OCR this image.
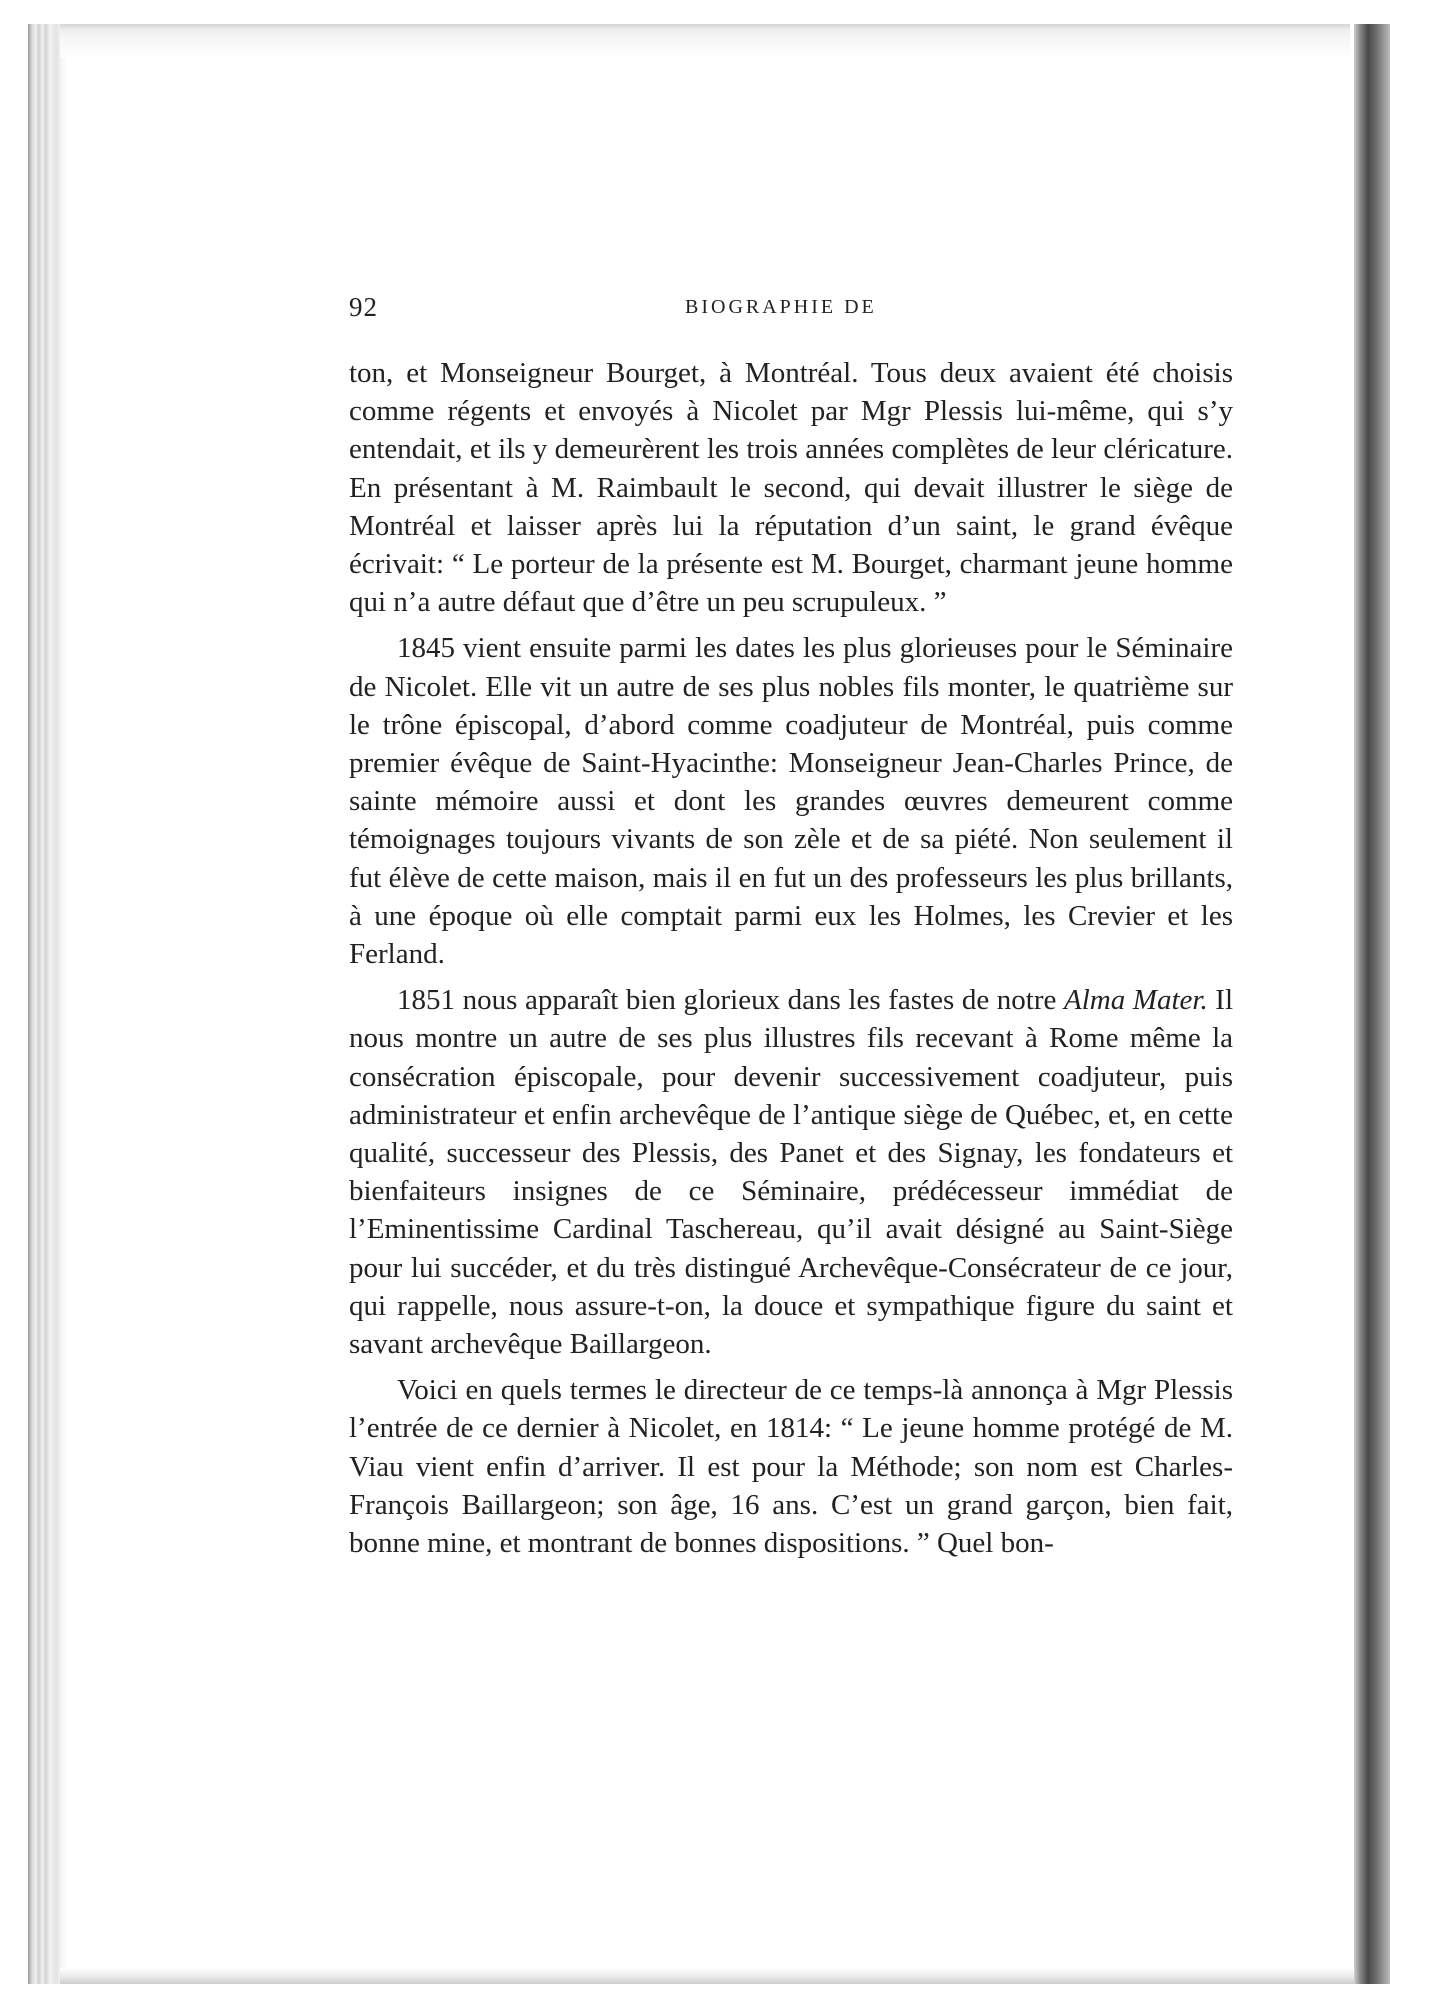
92	BIOGRAPHIE DE

ton, et Monseigneur Bourget, à Montréal. Tous deux avaient été choisis comme régents et envoyés à Nicolet par Mgr Plessis lui-même, qui s’y entendait, et ils y demeurèrent les trois années complètes de leur cléricature. En présentant à M. Raimbault le second, qui devait illustrer le siège de Montréal et laisser après lui la réputation d’un saint, le grand évêque écrivait: “ Le porteur de la présente est M. Bourget, charmant jeune homme qui n’a autre défaut que d’être un peu scrupuleux. ”

1845 vient ensuite parmi les dates les plus glorieuses pour le Séminaire de Nicolet. Elle vit un autre de ses plus nobles fils monter, le quatrième sur le trône épiscopal, d’abord comme coadjuteur de Montréal, puis comme premier évêque de Saint-Hyacinthe: Monseigneur Jean-Charles Prince, de sainte mémoire aussi et dont les grandes œuvres demeurent comme témoignages toujours vivants de son zèle et de sa piété. Non seulement il fut élève de cette maison, mais il en fut un des professeurs les plus brillants, à une époque où elle comptait parmi eux les Holmes, les Crevier et les Ferland.

1851 nous apparaît bien glorieux dans les fastes de notre Alma Mater. Il nous montre un autre de ses plus illustres fils recevant à Rome même la consécration épiscopale, pour devenir successivement coadjuteur, puis administrateur et enfin archevêque de l’antique siège de Québec, et, en cette qualité, successeur des Plessis, des Panet et des Signay, les fondateurs et bienfaiteurs insignes de ce Séminaire, prédécesseur immédiat de l’Eminentissime Cardinal Taschereau, qu’il avait désigné au Saint-Siège pour lui succéder, et du très distingué Archevêque-Consécrateur de ce jour, qui rappelle, nous assure-t-on, la douce et sympathique figure du saint et savant archevêque Baillargeon.

Voici en quels termes le directeur de ce temps-là annonça à Mgr Plessis l’entrée de ce dernier à Nicolet, en 1814: “ Le jeune homme protégé de M. Viau vient enfin d’arriver. Il est pour la Méthode; son nom est Charles-François Baillargeon; son âge, 16 ans. C’est un grand garçon, bien fait, bonne mine, et montrant de bonnes dispositions. ” Quel bon-
